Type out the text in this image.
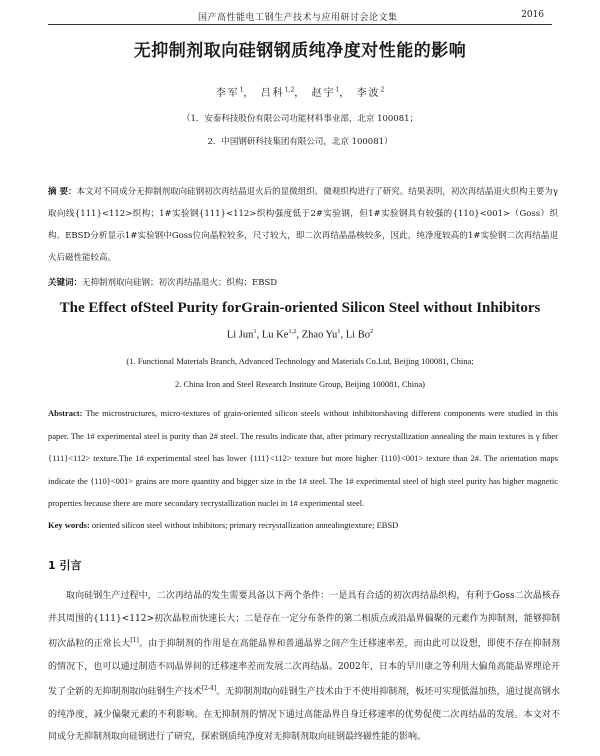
国产高性能电工钢生产技术与应用研讨会论文集	2016
无抑制剂取向硅钢钢质纯净度对性能的影响
李军$^1$， 吕科$^{1,2}$， 赵宇$^1$， 李波$^2$
（1．安泰科技股份有限公司功能材料事业部，北京 100081；
2．中国钢研科技集团有限公司，北京 100081）
摘 要：本文对不同成分无抑制剂取向硅钢初次再结晶退火后的显微组织、微观织构进行了研究。结果表明，初次再结晶退火织构主要为γ取向线{111}<112>织构；1#实验钢{111}<112>织构强度低于2#实验钢，但1#实验钢具有较强的{110}<001>（Goss）织构。EBSD分析显示1#实验钢中Goss位向晶粒较多，尺寸较大，即二次再结晶晶核较多，因此，纯净度较高的1#实验钢二次再结晶退火后磁性能较高。
关键词：无抑制剂取向硅钢；初次再结晶退火；织构；EBSD
The Effect ofSteel Purity forGrain-oriented Silicon Steel without Inhibitors
Li Jun$^1$, Lu Ke$^{1,2}$, Zhao Yu$^1$, Li Bo$^2$
(1. Functional Materials Branch, Advanced Technology and Materials Co.Ltd, Beijing 100081, China;
2. China Iron and Steel Research Institute Group, Beijing 100081, China)
Abstract: The microstructures, micro-textures of grain-oriented silicon steels without inhibitorshaving different components were studied in this paper. The 1# experimental steel is purity than 2# steel. The results indicate that, after primary recrystallization annealing the main textures is γ fiber {111}<112> texture.The 1# experimental steel has lower {111}<112> texture but more higher {110}<001> texture than 2#. The orientation maps indicate the {110}<001> grains are more quantity and bigger size in the 1# steel. The 1# experimental steel of high steel purity has higher magnetic properties because there are more secondary recrystallization nuclei in 1# experimental steel.
Key words: oriented silicon steel without inhibitors; primary recrystallization annealingtexture; EBSD
1 引言
取向硅钢生产过程中，二次再结晶的发生需要具备以下两个条件：一是具有合适的初次再结晶织构，有利于Goss二次晶核吞并其周围的{111}<112>初次晶粒而快速长大；二是存在一定分布条件的第二相质点或沿晶界偏聚的元素作为抑制剂，能够抑制初次晶粒的正常长大[1]。由于抑制剂的作用是在高能晶界和普通晶界之间产生迁移速率差，而由此可以设想，即使不存在抑制剂的情况下，也可以通过制造不同晶界间的迁移速率差而发展二次再结晶。2002年，日本的早川康之等利用大偏角高能晶界理论开发了全新的无抑制剂取向硅钢生产技术[2-4]。无抑制剂取向硅钢生产技术由于不使用抑制剂，板坯可实现低温加热，通过提高钢水的纯净度，减少偏聚元素的不利影响。在无抑制剂的情况下通过高能晶界自身迁移速率的优势促使二次再结晶的发展。本文对不同成分无抑制剂取向硅钢进行了研究，探索钢质纯净度对无抑制剂取向硅钢最终磁性能的影响。
